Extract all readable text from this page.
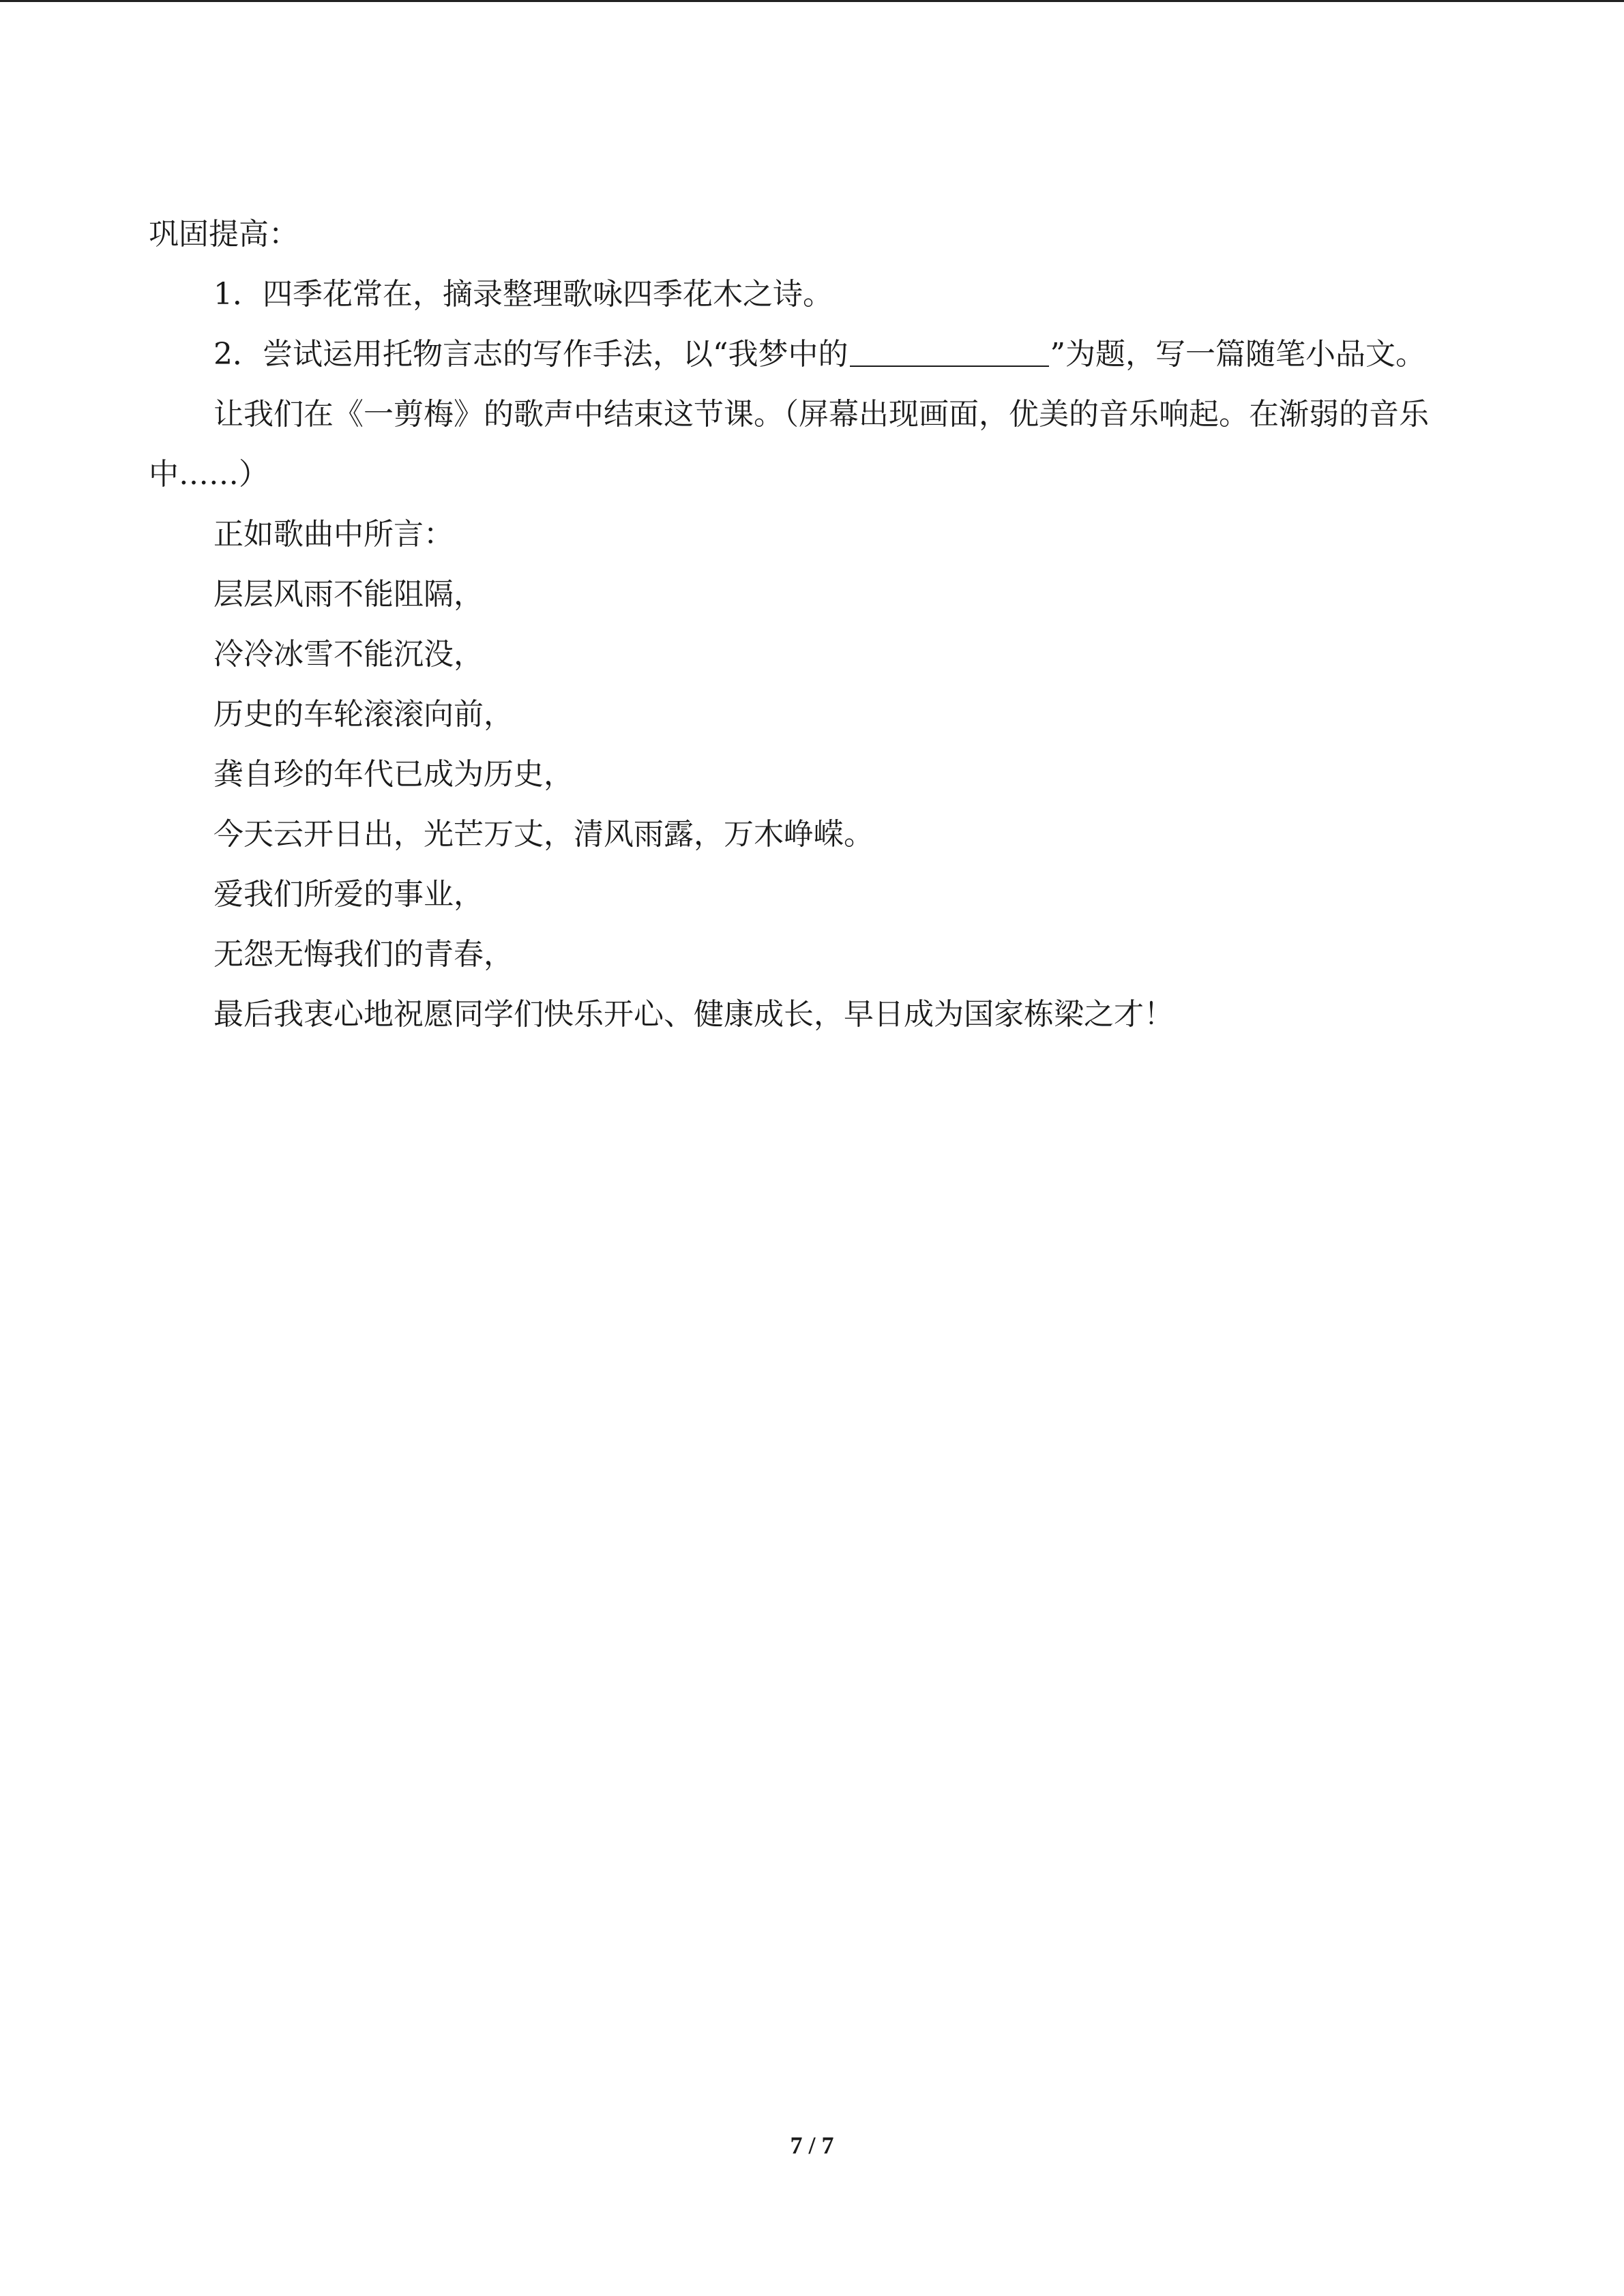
巩固提高：

1．四季花常在，摘录整理歌咏四季花木之诗。

2．尝试运用托物言志的写作手法，以“我梦中的	”为题，写一篇随笔小品文。

让我们在《一剪梅》的歌声中结束这节课。（屏幕出现画面，优美的音乐响起。在渐弱的音乐中……）

正如歌曲中所言：

层层风雨不能阻隔，

冷冷冰雪不能沉没，

历史的车轮滚滚向前，

龚自珍的年代已成为历史，

今天云开日出，光芒万丈，清风雨露，万木峥嵘。

爱我们所爱的事业，

无怨无悔我们的青春，

最后我衷心地祝愿同学们快乐开心、健康成长，早日成为国家栋梁之才！

7 / 7
